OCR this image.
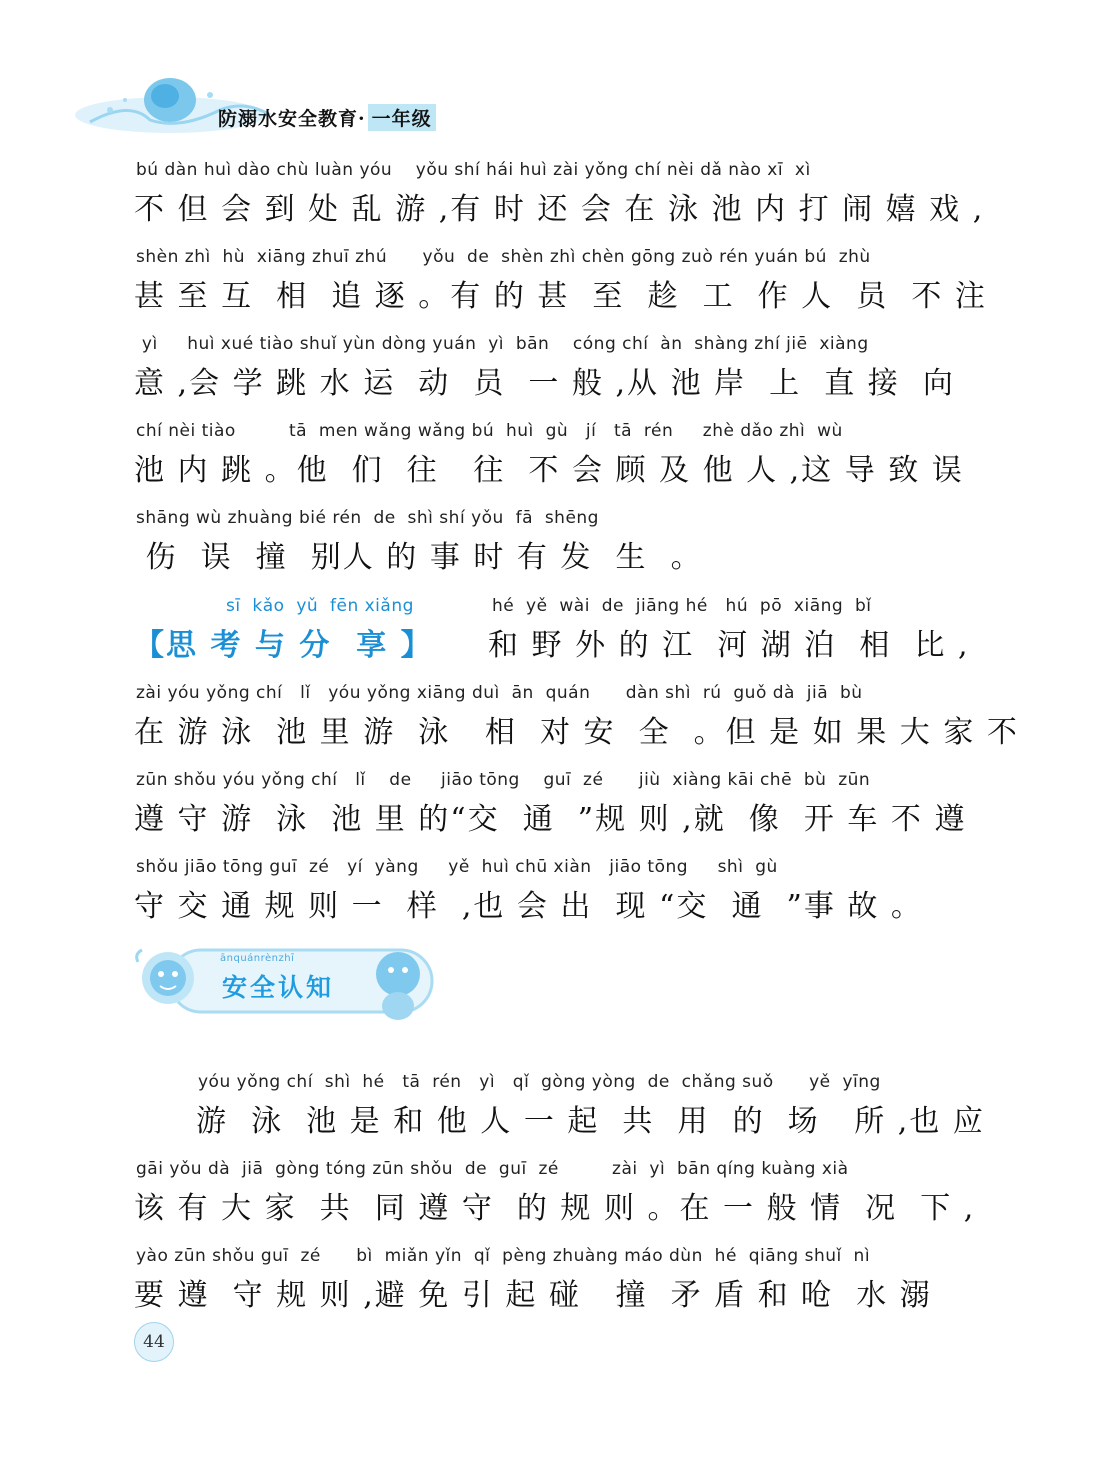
防溺水安全教育· 一年级
bú dàn huì dào chù luàn yóu    yǒu shí hái huì zài yǒng chí nèi dǎ nào xī  xì
不 但 会 到 处 乱 游 ,有 时 还 会 在 泳 池 内 打 闹 嬉 戏 ,
shèn zhì  hù  xiāng zhuī zhú      yǒu  de  shèn zhì chèn gōng zuò rén yuán bú  zhù
甚 至 互  相  追 逐 。有 的 甚  至  趁  工  作 人  员  不 注
yì     huì xué tiào shuǐ yùn dòng yuán  yì  bān    cóng chí  àn  shàng zhí jiē  xiàng
意 ,会 学 跳 水 运  动  员  一 般 ,从 池 岸  上  直 接  向
chí nèi tiào         tā  men wǎng wǎng bú  huì  gù   jí   tā  rén     zhè dǎo zhì  wù
池 内 跳 。他  们  往   往  不 会 顾 及 他 人 ,这 导 致 误
shāng wù zhuàng bié rén  de  shì shí yǒu  fā  shēng
伤  误  撞  别人 的 事 时 有 发  生  。
sī  kǎo  yǔ  fēn xiǎng	hé  yě  wài  de  jiāng hé   hú  pō  xiāng  bǐ
【思 考 与 分  享 】 和 野 外 的 江  河 湖 泊  相  比 ,
zài yóu yǒng chí   lǐ   yóu yǒng xiāng duì  ān  quán      dàn shì  rú  guǒ dà  jiā  bù
在 游 泳  池 里 游  泳   相  对 安  全  。但 是 如 果 大 家 不
zūn shǒu yóu yǒng chí   lǐ    de     jiāo tōng    guī  zé      jiù  xiàng kāi chē  bù  zūn
遵 守 游  泳  池 里 的“交  通  ”规 则 ,就  像  开 车 不 遵
shǒu jiāo tōng guī  zé   yí  yàng     yě  huì chū xiàn   jiāo tōng     shì  gù
守 交 通 规 则 一  样  ,也 会 出  现 “交  通  ”事 故 。
ānquánrènzhī
安全认知
yóu yǒng chí  shì  hé   tā  rén   yì   qǐ  gòng yòng  de  chǎng suǒ      yě  yīng
游  泳  池 是 和 他 人 一 起  共  用  的  场   所 ,也 应
gāi yǒu dà  jiā  gòng tóng zūn shǒu  de  guī  zé         zài  yì  bān qíng kuàng xià
该 有 大 家  共  同 遵 守  的 规 则 。在 一 般 情  况  下 ,
yào zūn shǒu guī  zé      bì  miǎn yǐn  qǐ  pèng zhuàng máo dùn  hé  qiāng shuǐ  nì
要 遵  守 规 则 ,避 免 引 起 碰   撞  矛 盾 和 呛  水 溺
44
